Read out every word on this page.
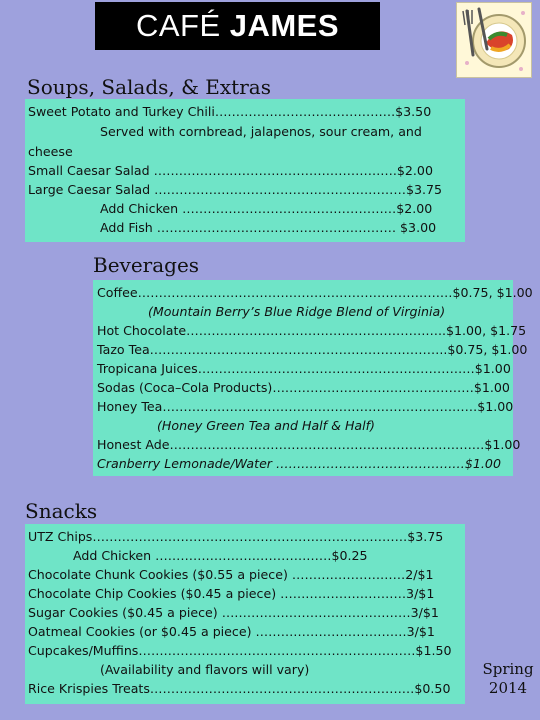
CAFÉ JAMES
Soups, Salads, & Extras
Sweet Potato and Turkey Chili…………………………………….$3.50
Served with cornbread, jalapenos, sour cream, and
cheese
Small Caesar Salad ………………………………………………….$2.00
Large Caesar Salad ……………………………………………………$3.75
Add Chicken ……………………………………………$2.00
Add Fish ………………………………………………… $3.00
Beverages
Coffee…………………………………………………………………$0.75, $1.00
(Mountain Berry’s Blue Ridge Blend of Virginia)
Hot Chocolate……………………………………………………..$1.00, $1.75
Tazo Tea……………………………………………………………..$0.75, $1.00
Tropicana Juices…………………………………………………………$1.00
Sodas (Coca–Cola Products)…………………………………………$1.00
Honey Tea…………………………………………………………………$1.00
(Honey Green Tea and Half & Half)
Honest Ade…………………………………………………………………$1.00
Cranberry Lemonade/Water ………………………………………$1.00
Snacks
UTZ Chips…………………………………………………………………$3.75
Add Chicken ……………………………………$0.25
Chocolate Chunk Cookies ($0.55 a piece) ………………………2/$1
Chocolate Chip Cookies ($0.45 a piece) …………………………3/$1
Sugar Cookies ($0.45 a piece) ………………………………………3/$1
Oatmeal Cookies (or $0.45 a piece) ………………………………3/$1
Cupcakes/Muffins…………………………………………………………$1.50
(Availability and flavors will vary)
Rice Krispies Treats………………………………………………………$0.50
Spring
2014
